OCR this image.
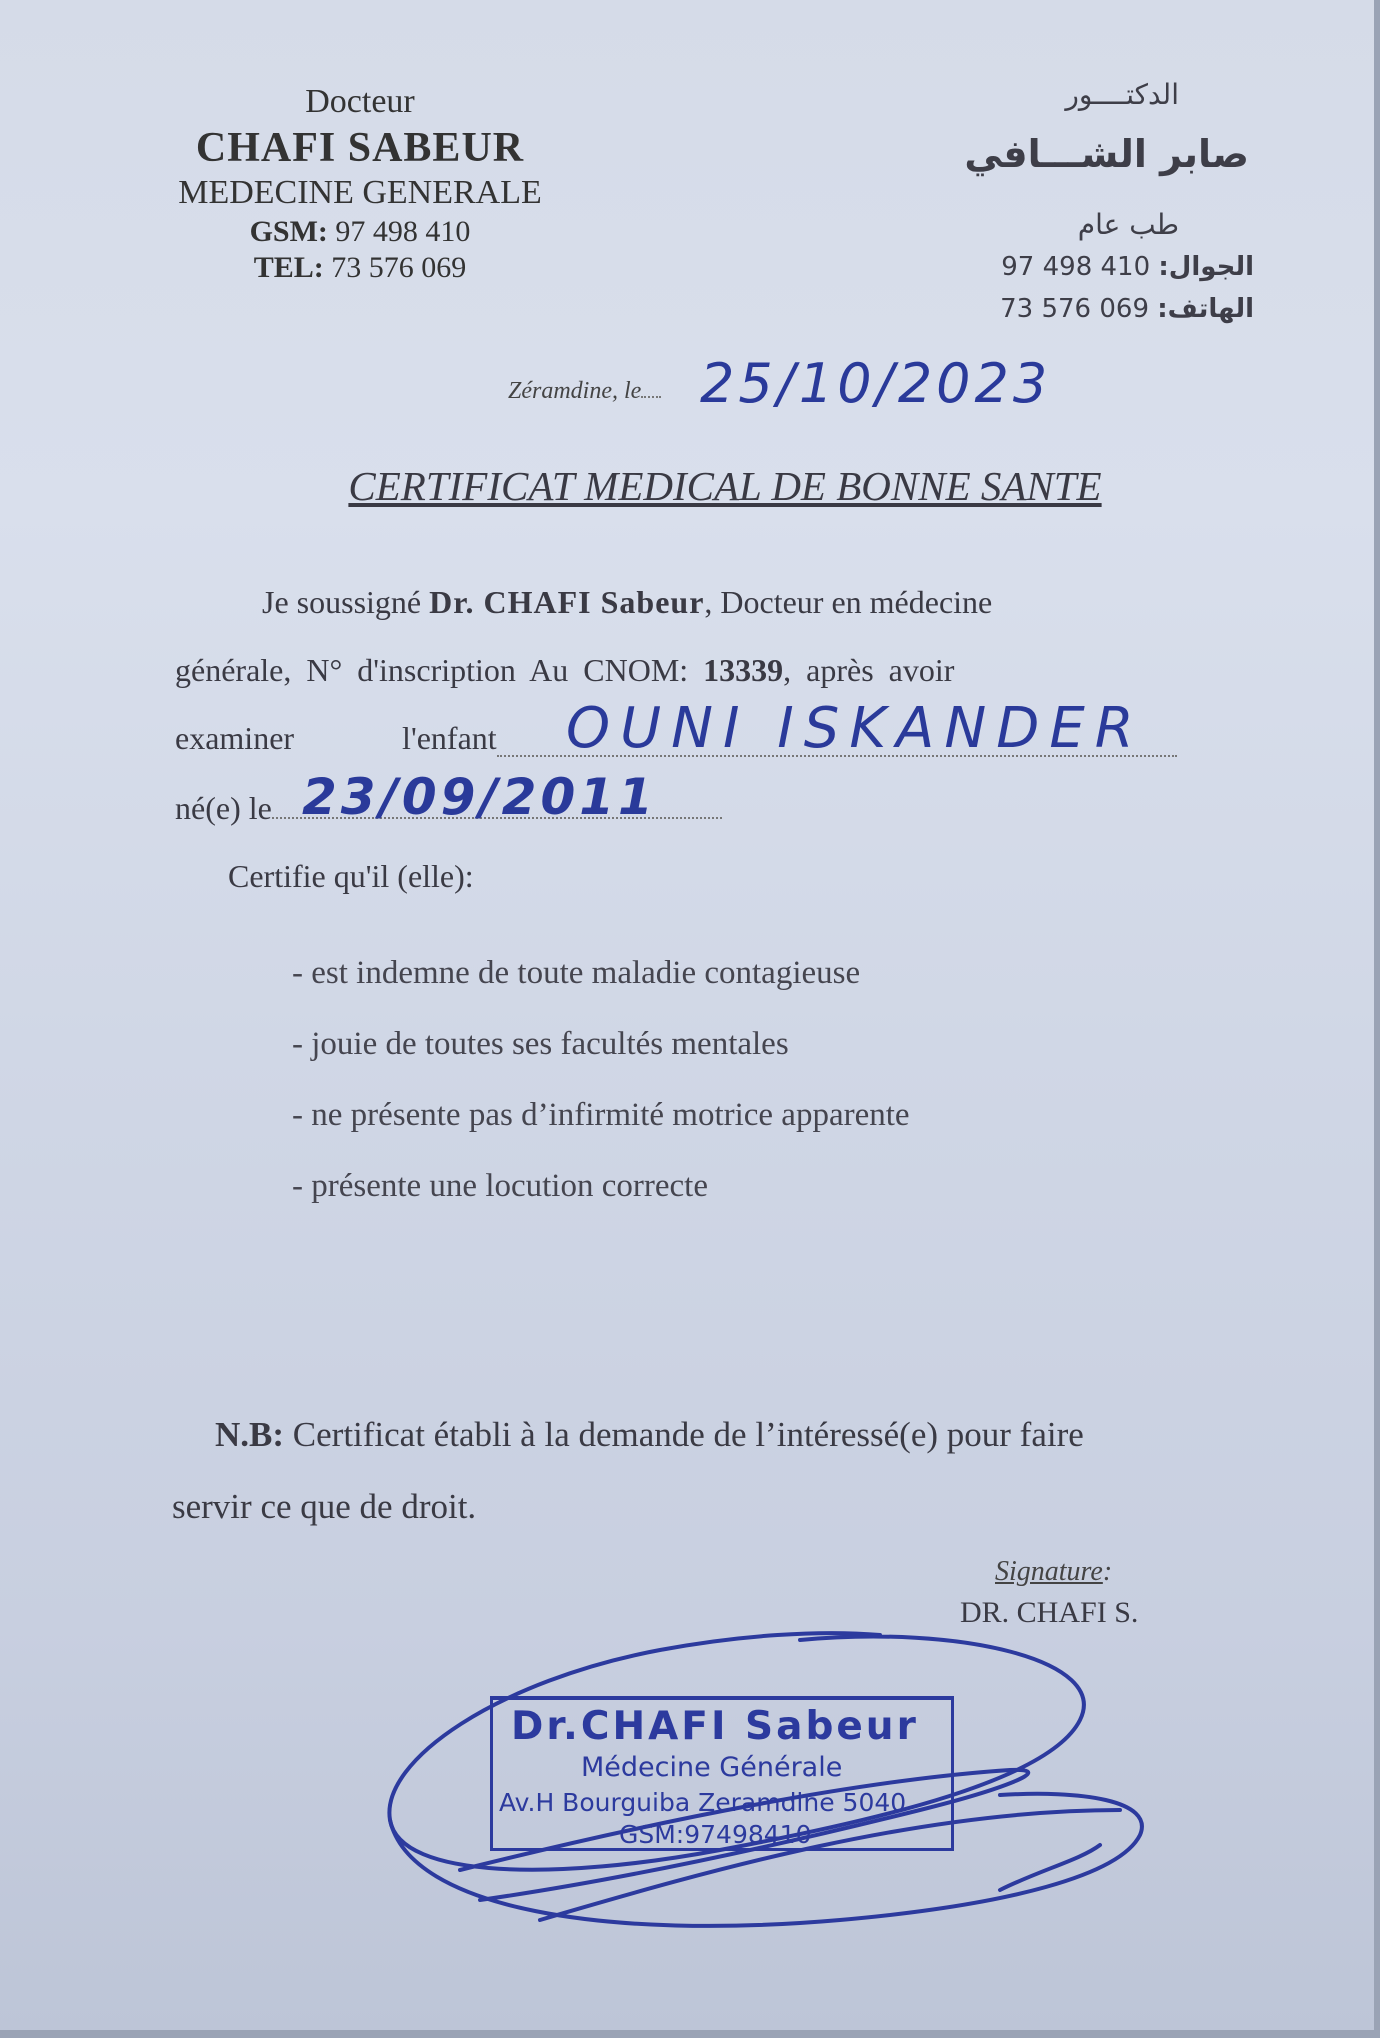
Docteur
CHAFI SABEUR
MEDECINE GENERALE
GSM: 97 498 410
TEL: 73 576 069
الدكتــــور
صابر الشـــافي
طب عام
الجوال: 97 498 410
الهاتف: 73 576 069
Zéramdine, le	25/10/2023
CERTIFICAT MEDICAL DE BONNE SANTE
Je soussigné Dr. CHAFI Sabeur, Docteur en médecine
générale, N° d'inscription Au CNOM: 13339, après avoir
examiner	l'enfant	OUNI ISKANDER
né(e) le 23/09/2011
Certifie qu'il (elle):
- est indemne de toute maladie contagieuse
- jouie de toutes ses facultés mentales
- ne présente pas d’infirmité motrice apparente
- présente une locution correcte
N.B: Certificat établi à la demande de l’intéressé(e) pour faire
servir ce que de droit.
Signature:
DR. CHAFI S.
Dr.CHAFI Sabeur
Médecine Générale
Av.H Bourguiba Zeramdine 5040
GSM:97498410
